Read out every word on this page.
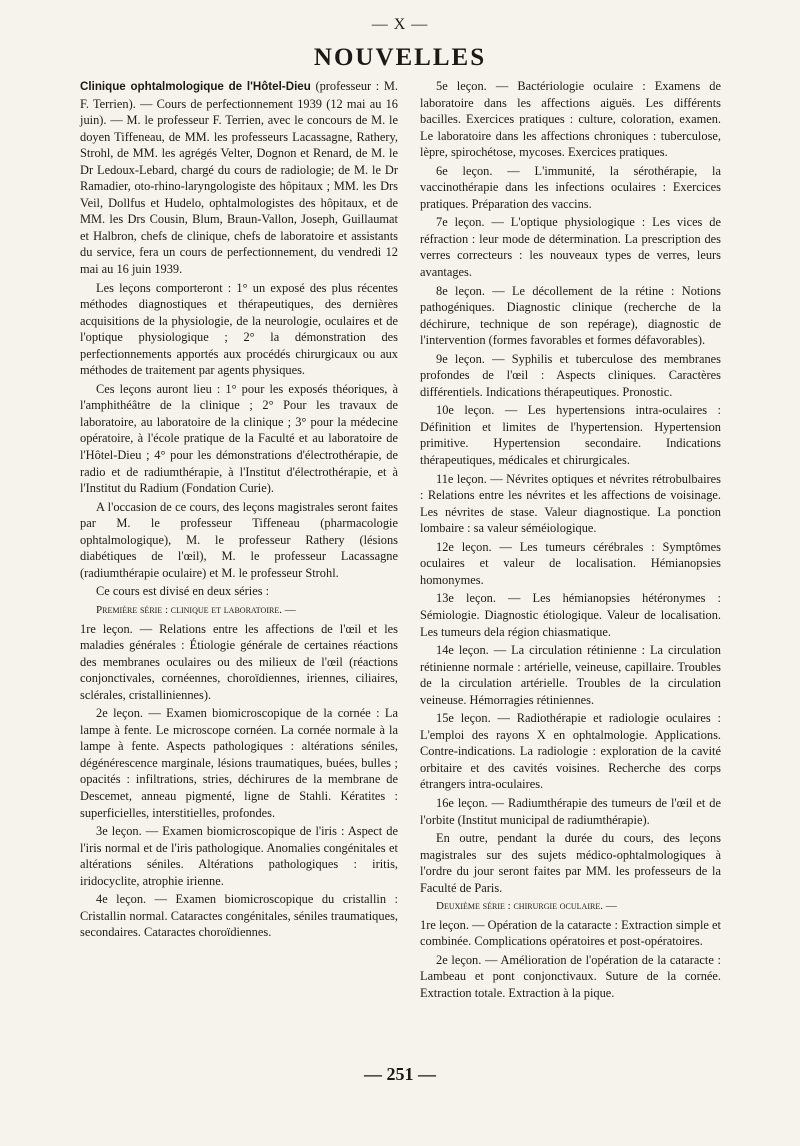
— X —
NOUVELLES

Clinique ophtalmologique de l'Hôtel-Dieu (professeur : M. F. Terrien). — Cours de perfectionnement 1939 (12 mai au 16 juin). — M. le professeur F. Terrien, avec le concours de M. le doyen Tiffeneau, de MM. les professeurs Lacassagne, Rathery, Strohl, de MM. les agrégés Velter, Dognon et Renard, de M. le Dr Ledoux-Lebard, chargé du cours de radiologie; de M. le Dr Ramadier, oto-rhino-laryngologiste des hôpitaux ; MM. les Drs Veil, Dollfus et Hudelo, ophtalmologistes des hôpitaux, et de MM. les Drs Cousin, Blum, Braun-Vallon, Joseph, Guillaumat et Halbron, chefs de clinique, chefs de laboratoire et assistants du service, fera un cours de perfectionnement, du vendredi 12 mai au 16 juin 1939.

Les leçons comporteront : 1° un exposé des plus récentes méthodes diagnostiques et thérapeutiques, des dernières acquisitions de la physiologie, de la neurologie, oculaires et de l'optique physiologique ; 2° la démonstration des perfectionnements apportés aux procédés chirurgicaux ou aux méthodes de traitement par agents physiques.

Ces leçons auront lieu : 1° pour les exposés théoriques, à l'amphithéâtre de la clinique ; 2° Pour les travaux de laboratoire, au laboratoire de la clinique ; 3° pour la médecine opératoire, à l'école pratique de la Faculté et au laboratoire de l'Hôtel-Dieu ; 4° pour les démonstrations d'électrothérapie, de radio et de radiumthérapie, à l'Institut d'électrothérapie, et à l'Institut du Radium (Fondation Curie).

A l'occasion de ce cours, des leçons magistrales seront faites par M. le professeur Tiffeneau (pharmacologie ophtalmologique), M. le professeur Rathery (lésions diabétiques de l'œil), M. le professeur Lacassagne (radiumthérapie oculaire) et M. le professeur Strohl.

Ce cours est divisé en deux séries :

Première série : clinique et laboratoire. —

1re leçon. — Relations entre les affections de l'œil et les maladies générales : Étiologie générale de certaines réactions des membranes oculaires ou des milieux de l'œil (réactions conjonctivales, cornéennes, choroïdiennes, iriennes, ciliaires, sclérales, cristalliniennes).

2e leçon. — Examen biomicroscopique de la cornée : La lampe à fente. Le microscope cornéen. La cornée normale à la lampe à fente. Aspects pathologiques : altérations séniles, dégénérescence marginale, lésions traumatiques, buées, bulles ; opacités : infiltrations, stries, déchirures de la membrane de Descemet, anneau pigmenté, ligne de Stahli. Kératites : superficielles, interstitielles, profondes.

3e leçon. — Examen biomicroscopique de l'iris : Aspect de l'iris normal et de l'iris pathologique. Anomalies congénitales et altérations séniles. Altérations pathologiques : iritis, iridocyclite, atrophie irienne.

4e leçon. — Examen biomicroscopique du cristallin : Cristallin normal. Cataractes congénitales, séniles traumatiques, secondaires. Cataractes choroïdiennes.

5e leçon. — Bactériologie oculaire : Examens de laboratoire dans les affections aiguës. Les différents bacilles. Exercices pratiques : culture, coloration, examen. Le laboratoire dans les affections chroniques : tuberculose, lèpre, spirochétose, mycoses. Exercices pratiques.

6e leçon. — L'immunité, la sérothérapie, la vaccinothérapie dans les infections oculaires : Exercices pratiques. Préparation des vaccins.

7e leçon. — L'optique physiologique : Les vices de réfraction : leur mode de détermination. La prescription des verres correcteurs : les nouveaux types de verres, leurs avantages.

8e leçon. — Le décollement de la rétine : Notions pathogéniques. Diagnostic clinique (recherche de la déchirure, technique de son repérage), diagnostic de l'intervention (formes favorables et formes défavorables).

9e leçon. — Syphilis et tuberculose des membranes profondes de l'œil : Aspects cliniques. Caractères différentiels. Indications thérapeutiques. Pronostic.

10e leçon. — Les hypertensions intra-oculaires : Définition et limites de l'hypertension. Hypertension primitive. Hypertension secondaire. Indications thérapeutiques, médicales et chirurgicales.

11e leçon. — Névrites optiques et névrites rétrobulbaires : Relations entre les névrites et les affections de voisinage. Les névrites de stase. Valeur diagnostique. La ponction lombaire : sa valeur séméiologique.

12e leçon. — Les tumeurs cérébrales : Symptômes oculaires et valeur de localisation. Hémianopsies homonymes.

13e leçon. — Les hémianopsies hétéronymes : Sémiologie. Diagnostic étiologique. Valeur de localisation. Les tumeurs dela région chiasmatique.

14e leçon. — La circulation rétinienne : La circulation rétinienne normale : artérielle, veineuse, capillaire. Troubles de la circulation artérielle. Troubles de la circulation veineuse. Hémorragies rétiniennes.

15e leçon. — Radiothérapie et radiologie oculaires : L'emploi des rayons X en ophtalmologie. Applications. Contre-indications. La radiologie : exploration de la cavité orbitaire et des cavités voisines. Recherche des corps étrangers intra-oculaires.

16e leçon. — Radiumthérapie des tumeurs de l'œil et de l'orbite (Institut municipal de radiumthérapie).

En outre, pendant la durée du cours, des leçons magistrales sur des sujets médico-ophtalmologiques à l'ordre du jour seront faites par MM. les professeurs de la Faculté de Paris.

Deuxième série : chirurgie oculaire. —

1re leçon. — Opération de la cataracte : Extraction simple et combinée. Complications opératoires et post-opératoires.

2e leçon. — Amélioration de l'opération de la cataracte : Lambeau et pont conjonctivaux. Suture de la cornée. Extraction totale. Extraction à la pique.

— 251 —
